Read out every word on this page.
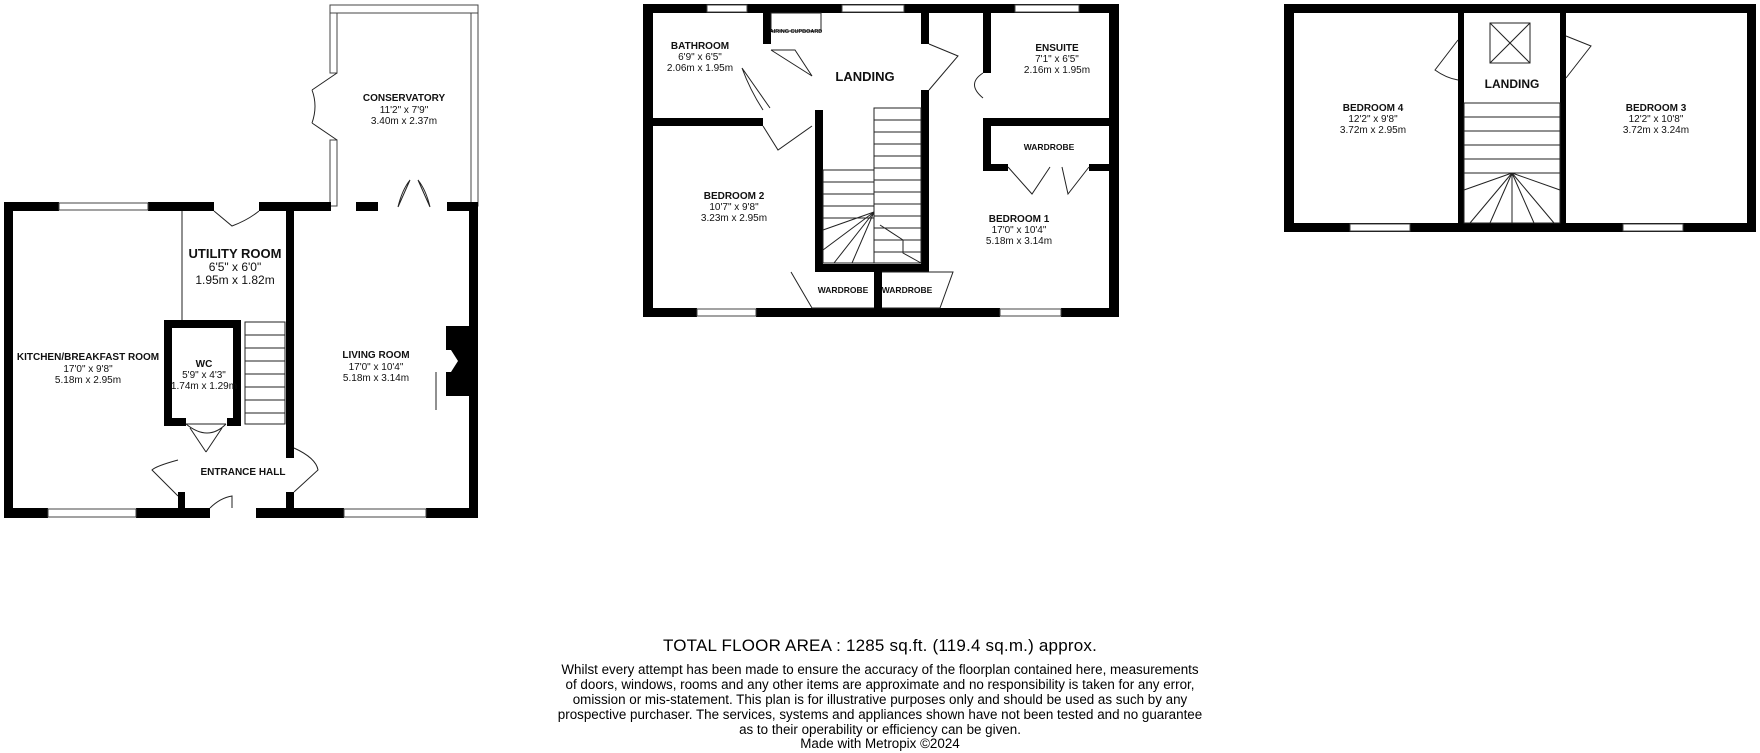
CONSERVATORY
11'2" x 7'9"
3.40m x 2.37m
UTILITY ROOM
6'5" x 6'0"
1.95m x 1.82m
KITCHEN/BREAKFAST ROOM
17'0" x 9'8"
5.18m x 2.95m
WC
5'9" x 4'3"
1.74m x 1.29m
LIVING ROOM
17'0" x 10'4"
5.18m x 3.14m
ENTRANCE HALL
BATHROOM
6'9" x 6'5"
2.06m x 1.95m
AIRING CUPBOARD
LANDING
ENSUITE
7'1" x 6'5"
2.16m x 1.95m
WARDROBE
BEDROOM 2
10'7" x 9'8"
3.23m x 2.95m	BEDROOM 1
17'0" x 10'4"
5.18m x 3.14m
WARDROBE WARDROBE
BEDROOM 4
12'2" x 9'8"
3.72m x 2.95m
LANDING
BEDROOM 3
12'2" x 10'8"
3.72m x 3.24m
TOTAL FLOOR AREA : 1285 sq.ft. (119.4 sq.m.) approx.
Whilst every attempt has been made to ensure the accuracy of the floorplan contained here, measurements
of doors, windows, rooms and any other items are approximate and no responsibility is taken for any error,
omission or mis-statement. This plan is for illustrative purposes only and should be used as such by any
prospective purchaser. The services, systems and appliances shown have not been tested and no guarantee
as to their operability or efficiency can be given.
Made with Metropix ©2024
